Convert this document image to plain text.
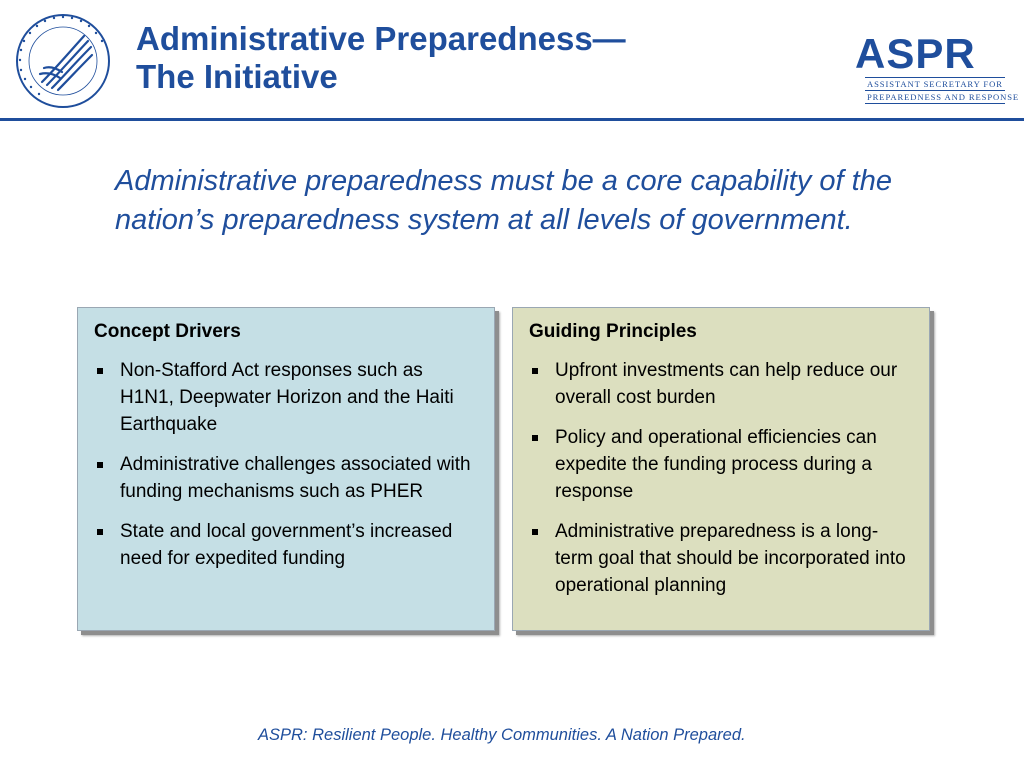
Administrative Preparedness—
The Initiative	ASPR
ASSISTANT SECRETARY FOR
PREPAREDNESS AND RESPONSE

Administrative preparedness must be a core capability of the nation’s preparedness system at all levels of government.

Concept Drivers
Non-Stafford Act responses such as H1N1, Deepwater Horizon and the Haiti Earthquake
Administrative challenges associated with funding mechanisms such as PHER
State and local government’s increased need for expedited funding
Guiding Principles
Upfront investments can help reduce our overall cost burden
Policy and operational efficiencies can expedite the funding process during a response
Administrative preparedness is a long-term goal that should be incorporated into operational planning

ASPR: Resilient People. Healthy Communities. A Nation Prepared.
